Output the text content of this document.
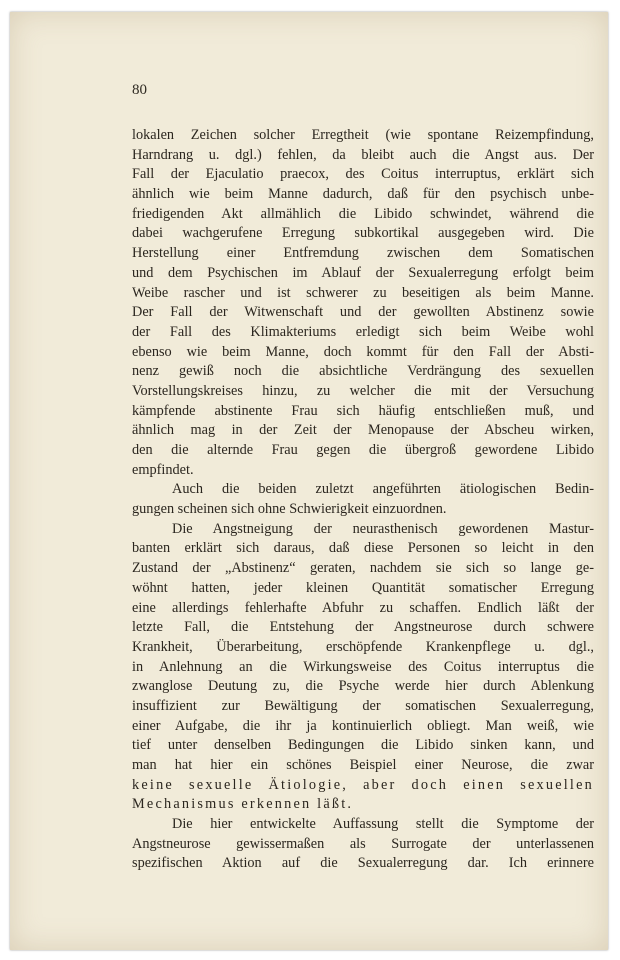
80

lokalen Zeichen solcher Erregtheit (wie spontane Reizempfindung,
Harndrang u. dgl.) fehlen, da bleibt auch die Angst aus. Der
Fall der Ejaculatio praecox, des Coitus interruptus, erklärt sich
ähnlich wie beim Manne dadurch, daß für den psychisch unbe-
friedigenden Akt allmählich die Libido schwindet, während die
dabei wachgerufene Erregung subkortikal ausgegeben wird. Die
Herstellung einer Entfremdung zwischen dem Somatischen
und dem Psychischen im Ablauf der Sexualerregung erfolgt beim
Weibe rascher und ist schwerer zu beseitigen als beim Manne.
Der Fall der Witwenschaft und der gewollten Abstinenz sowie
der Fall des Klimakteriums erledigt sich beim Weibe wohl
ebenso wie beim Manne, doch kommt für den Fall der Absti-
nenz gewiß noch die absichtliche Verdrängung des sexuellen
Vorstellungskreises hinzu, zu welcher die mit der Versuchung
kämpfende abstinente Frau sich häufig entschließen muß, und
ähnlich mag in der Zeit der Menopause der Abscheu wirken,
den die alternde Frau gegen die übergroß gewordene Libido
empfindet.
Auch die beiden zuletzt angeführten ätiologischen Bedin-
gungen scheinen sich ohne Schwierigkeit einzuordnen.
Die Angstneigung der neurasthenisch gewordenen Mastur-
banten erklärt sich daraus, daß diese Personen so leicht in den
Zustand der „Abstinenz“ geraten, nachdem sie sich so lange ge-
wöhnt hatten, jeder kleinen Quantität somatischer Erregung
eine allerdings fehlerhafte Abfuhr zu schaffen. Endlich läßt der
letzte Fall, die Entstehung der Angstneurose durch schwere
Krankheit, Überarbeitung, erschöpfende Krankenpflege u. dgl.,
in Anlehnung an die Wirkungsweise des Coitus interruptus die
zwanglose Deutung zu, die Psyche werde hier durch Ablenkung
insuffizient zur Bewältigung der somatischen Sexualerregung,
einer Aufgabe, die ihr ja kontinuierlich obliegt. Man weiß, wie
tief unter denselben Bedingungen die Libido sinken kann, und
man hat hier ein schönes Beispiel einer Neurose, die zwar
keine sexuelle Ätiologie, aber doch einen sexuellen
Mechanismus erkennen läßt.
Die hier entwickelte Auffassung stellt die Symptome der
Angstneurose gewissermaßen als Surrogate der unterlassenen
spezifischen Aktion auf die Sexualerregung dar. Ich erinnere
